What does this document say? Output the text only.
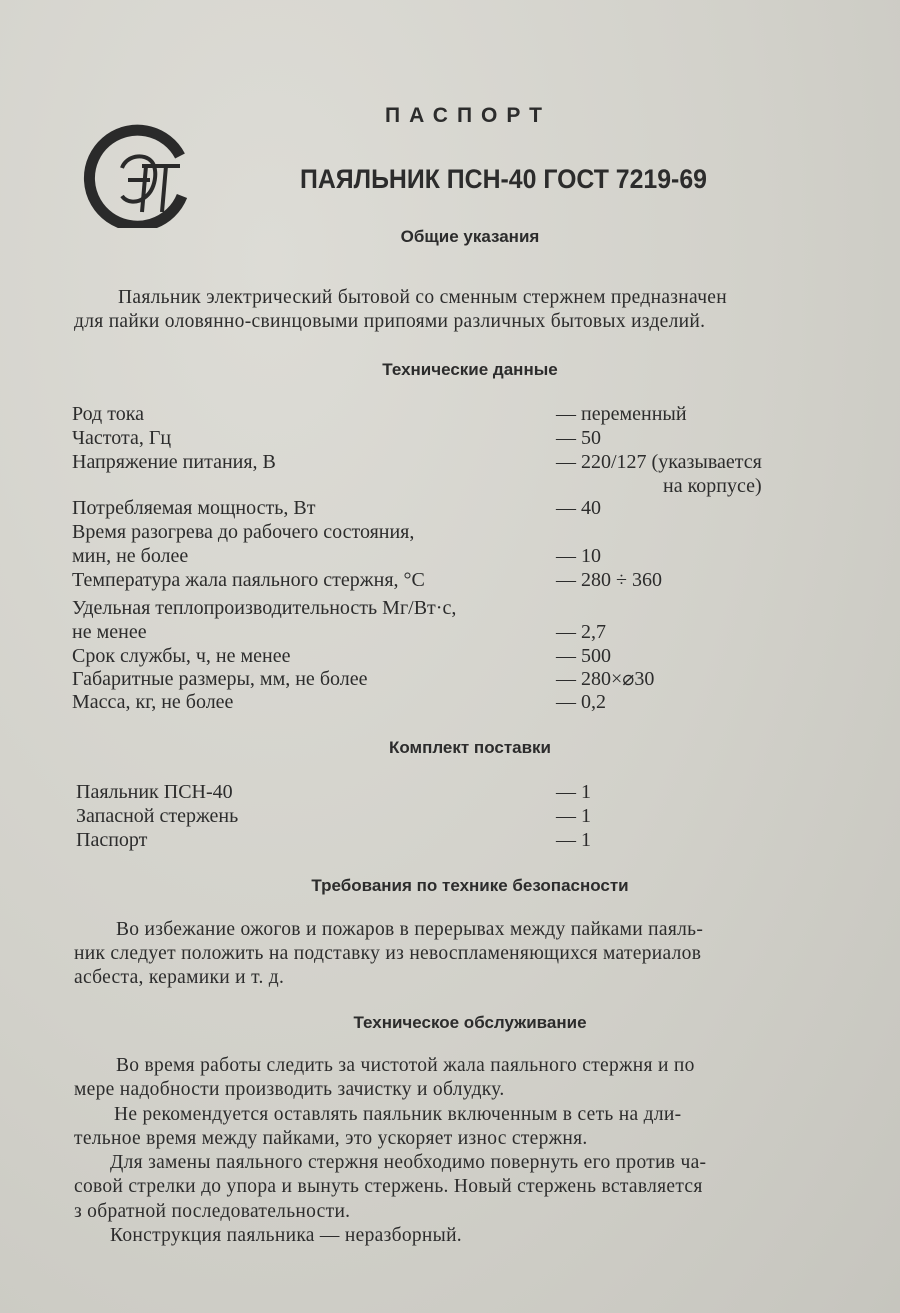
ПАСПОРТ
ПАЯЛЬНИК ПСН-40 ГОСТ 7219-69
Общие указания
Паяльник электрический бытовой со сменным стержнем предназначен
для пайки оловянно-свинцовыми припоями различных бытовых изделий.
Технические данные
Род тока	— переменный
Частота, Гц	— 50
Напряжение питания, В	— 220/127 (указывается
на корпусе)
Потребляемая мощность, Вт	— 40
Время разогрева до рабочего состояния,
мин, не более	— 10
Температура жала паяльного стержня, °С	— 280 ÷ 360
Удельная теплопроизводительность Мг/Вт·с,
не менее	— 2,7
Срок службы, ч, не менее	— 500
Габаритные размеры, мм, не более	— 280×⌀30
Масса, кг, не более	— 0,2
Комплект поставки
Паяльник ПСН-40	— 1
Запасной стержень	— 1
Паспорт	— 1
Требования по технике безопасности
Во избежание ожогов и пожаров в перерывах между пайками паяль-
ник следует положить на подставку из невоспламеняющихся материалов
асбеста, керамики и т. д.
Техническое обслуживание
Во время работы следить за чистотой жала паяльного стержня и по
мере надобности производить зачистку и облудку.
Не рекомендуется оставлять паяльник включенным в сеть на дли-
тельное время между пайками, это ускоряет износ стержня.
Для замены паяльного стержня необходимо повернуть его против ча-
совой стрелки до упора и вынуть стержень. Новый стержень вставляется
з обратной последовательности.
Конструкция паяльника — неразборный.
